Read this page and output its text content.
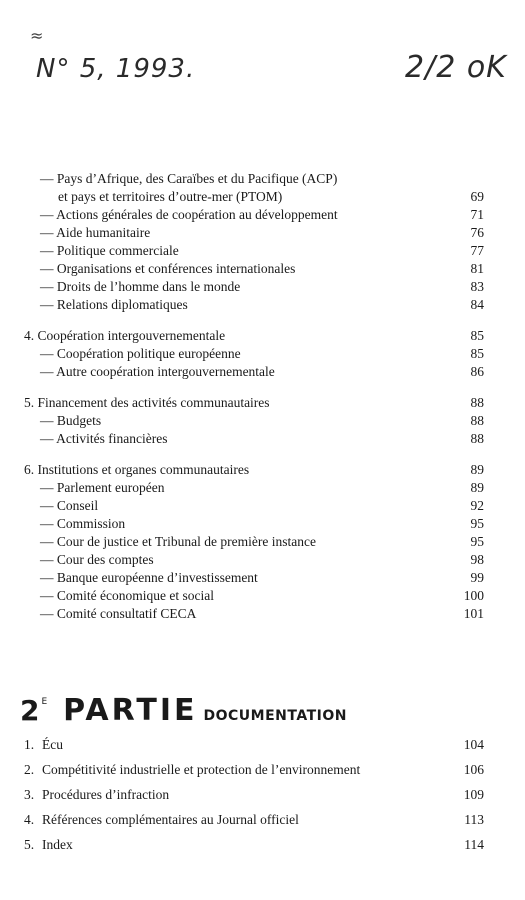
≈
N° 5, 1993.	2/2 oK
— Pays d’Afrique, des Caraïbes et du Pacifique (ACP)
et pays et territoires d’outre-mer (PTOM)	69
— Actions générales de coopération au développement	71
— Aide humanitaire	76
— Politique commerciale	77
— Organisations et conférences internationales	81
— Droits de l’homme dans le monde	83
— Relations diplomatiques	84
4. Coopération intergouvernementale	85
— Coopération politique européenne	85
— Autre coopération intergouvernementale	86
5. Financement des activités communautaires	88
— Budgets	88
— Activités financières	88
6. Institutions et organes communautaires	89
— Parlement européen	89
— Conseil	92
— Commission	95
— Cour de justice et Tribunal de première instance	95
— Cour des comptes	98
— Banque européenne d’investissement	99
— Comité économique et social	100
— Comité consultatif CECA	101
2 $^E$ PARTIE DOCUMENTATION
1. Écu	104
2. Compétitivité industrielle et protection de l’environnement	106
3. Procédures d’infraction	109
4. Références complémentaires au Journal officiel	113
5. Index	114
